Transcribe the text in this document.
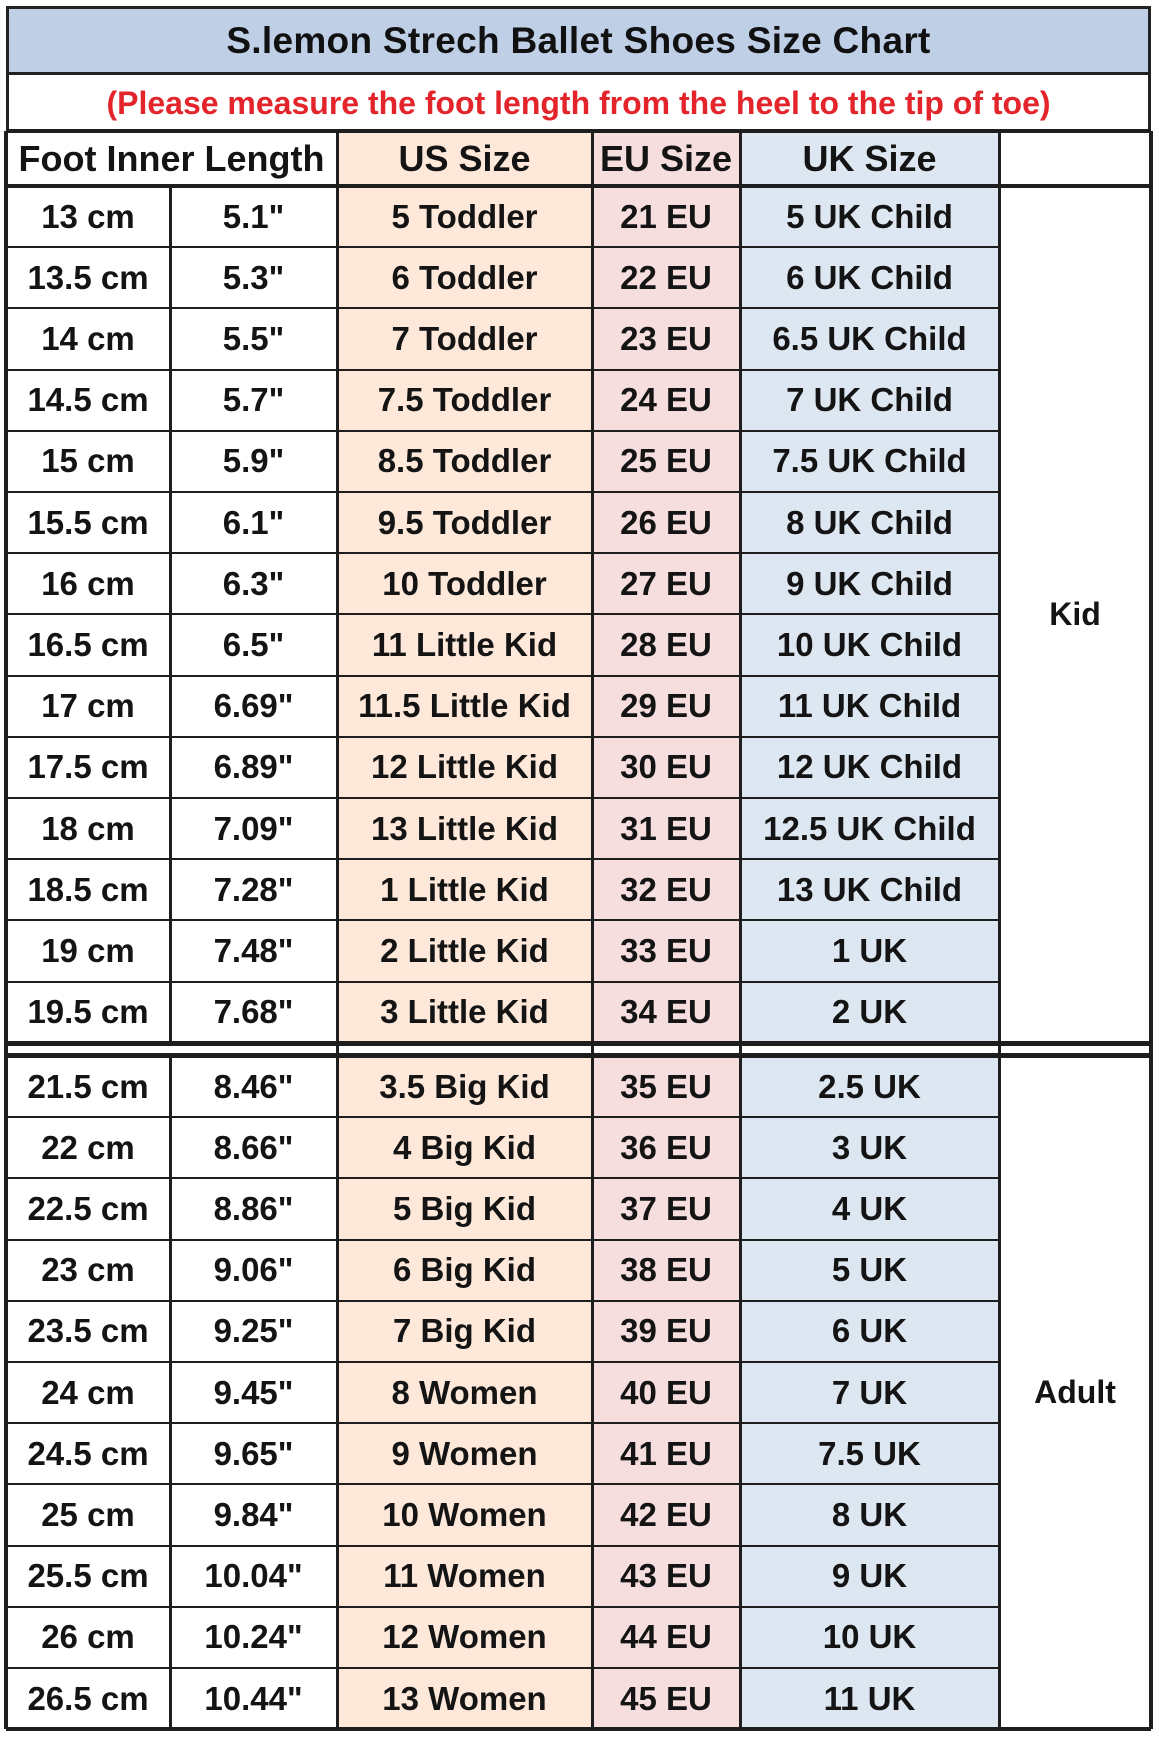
S.lemon Strech Ballet Shoes Size Chart
(Please measure the foot length from the heel to the tip of toe)
Foot Inner Length	US Size	EU Size	UK Size
13 cm	5.1"	5 Toddler	21 EU	5 UK Child
13.5 cm	5.3"	6 Toddler	22 EU	6 UK Child
14 cm	5.5"	7 Toddler	23 EU	6.5 UK Child
14.5 cm	5.7"	7.5 Toddler	24 EU	7 UK Child
15 cm	5.9"	8.5 Toddler	25 EU	7.5 UK Child
15.5 cm	6.1"	9.5 Toddler	26 EU	8 UK Child
16 cm	6.3"	10 Toddler	27 EU	9 UK Child
16.5 cm	6.5"	11 Little Kid	28 EU	10 UK Child
17 cm	6.69"	11.5 Little Kid	29 EU	11 UK Child
17.5 cm	6.89"	12 Little Kid	30 EU	12 UK Child
18 cm	7.09"	13 Little Kid	31 EU	12.5 UK Child
18.5 cm	7.28"	1 Little Kid	32 EU	13 UK Child
19 cm	7.48"	2 Little Kid	33 EU	1 UK
19.5 cm	7.68"	3 Little Kid	34 EU	2 UK
Kid
21.5 cm	8.46"	3.5 Big Kid	35 EU	2.5 UK
22 cm	8.66"	4 Big Kid	36 EU	3 UK
22.5 cm	8.86"	5 Big Kid	37 EU	4 UK
23 cm	9.06"	6 Big Kid	38 EU	5 UK
23.5 cm	9.25"	7 Big Kid	39 EU	6 UK
24 cm	9.45"	8 Women	40 EU	7 UK
24.5 cm	9.65"	9 Women	41 EU	7.5 UK
25 cm	9.84"	10 Women	42 EU	8 UK
25.5 cm	10.04"	11 Women	43 EU	9 UK
26 cm	10.24"	12 Women	44 EU	10 UK
26.5 cm	10.44"	13 Women	45 EU	11 UK
Adult
